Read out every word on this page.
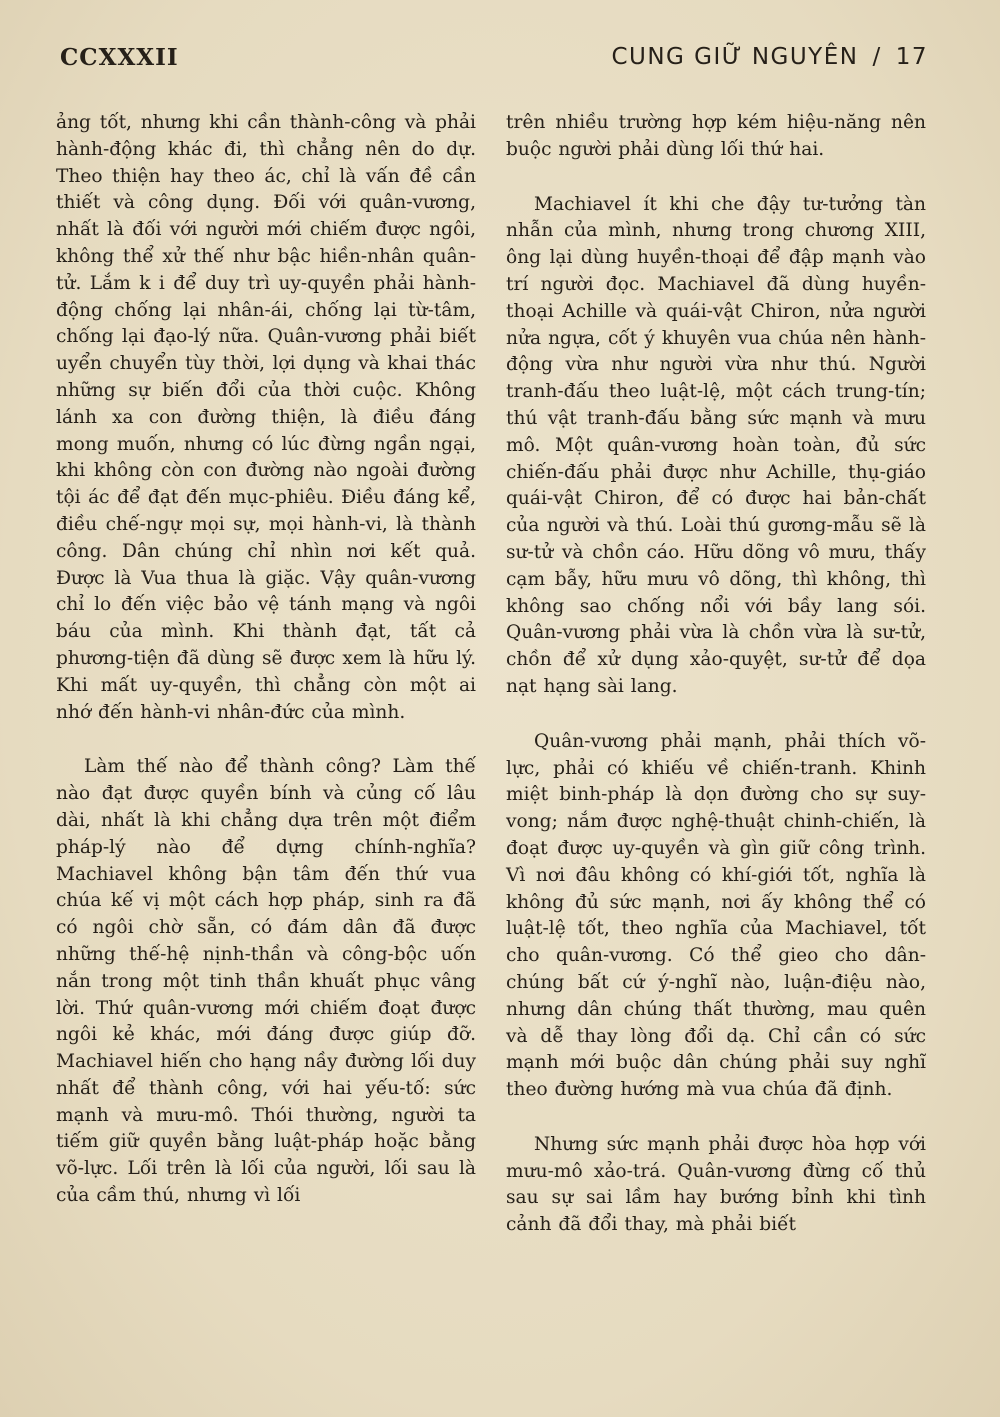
CCXXXII	CUNG GIỮ NGUYÊN / 17

ảng tốt, nhưng khi cần thành-công và phải hành-động khác đi, thì chẳng nên do dự. Theo thiện hay theo ác, chỉ là vấn đề cần thiết và công dụng. Đối với quân-vương, nhất là đối với người mới chiếm được ngôi, không thể xử thế như bậc hiền-nhân quân-tử. Lắm k i để duy trì uy-quyền phải hành-động chống lại nhân-ái, chống lại từ-tâm, chống lại đạo-lý nữa. Quân-vương phải biết uyển chuyển tùy thời, lợi dụng và khai thác những sự biến đổi của thời cuộc. Không lánh xa con đường thiện, là điều đáng mong muốn, nhưng có lúc đừng ngần ngại, khi không còn con đường nào ngoài đường tội ác để đạt đến mục-phiêu. Điều đáng kể, điều chế-ngự mọi sự, mọi hành-vi, là thành công. Dân chúng chỉ nhìn nơi kết quả. Được là Vua thua là giặc. Vậy quân-vương chỉ lo đến việc bảo vệ tánh mạng và ngôi báu của mình. Khi thành đạt, tất cả phương-tiện đã dùng sẽ được xem là hữu lý. Khi mất uy-quyền, thì chẳng còn một ai nhớ đến hành-vi nhân-đức của mình.

Làm thế nào để thành công? Làm thế nào đạt được quyền bính và củng cố lâu dài, nhất là khi chẳng dựa trên một điểm pháp-lý nào để dựng chính-nghĩa? Machiavel không bận tâm đến thứ vua chúa kế vị một cách hợp pháp, sinh ra đã có ngôi chờ sẵn, có đám dân đã được những thế-hệ nịnh-thần và công-bộc uốn nắn trong một tinh thần khuất phục vâng lời. Thứ quân-vương mới chiếm đoạt được ngôi kẻ khác, mới đáng được giúp đỡ. Machiavel hiến cho hạng nầy đường lối duy nhất để thành công, với hai yếu-tố: sức mạnh và mưu-mô. Thói thường, người ta tiếm giữ quyền bằng luật-pháp hoặc bằng võ-lực. Lối trên là lối của người, lối sau là của cầm thú, nhưng vì lối

trên nhiều trường hợp kém hiệu-năng nên buộc người phải dùng lối thứ hai.

Machiavel ít khi che đậy tư-tưởng tàn nhẫn của mình, nhưng trong chương XIII, ông lại dùng huyền-thoại để đập mạnh vào trí người đọc. Machiavel đã dùng huyền-thoại Achille và quái-vật Chiron, nửa người nửa ngựa, cốt ý khuyên vua chúa nên hành-động vừa như người vừa như thú. Người tranh-đấu theo luật-lệ, một cách trung-tín; thú vật tranh-đấu bằng sức mạnh và mưu mô. Một quân-vương hoàn toàn, đủ sức chiến-đấu phải được như Achille, thụ-giáo quái-vật Chiron, để có được hai bản-chất của người và thú. Loài thú gương-mẫu sẽ là sư-tử và chồn cáo. Hữu dõng vô mưu, thấy cạm bẫy, hữu mưu vô dõng, thì không, thì không sao chống nổi với bầy lang sói. Quân-vương phải vừa là chồn vừa là sư-tử, chồn để xử dụng xảo-quyệt, sư-tử để dọa nạt hạng sài lang.

Quân-vương phải mạnh, phải thích võ-lực, phải có khiếu về chiến-tranh. Khinh miệt binh-pháp là dọn đường cho sự suy-vong; nắm được nghệ-thuật chinh-chiến, là đoạt được uy-quyền và gìn giữ công trình. Vì nơi đâu không có khí-giới tốt, nghĩa là không đủ sức mạnh, nơi ấy không thể có luật-lệ tốt, theo nghĩa của Machiavel, tốt cho quân-vương. Có thể gieo cho dân-chúng bất cứ ý-nghĩ nào, luận-điệu nào, nhưng dân chúng thất thường, mau quên và dễ thay lòng đổi dạ. Chỉ cần có sức mạnh mới buộc dân chúng phải suy nghĩ theo đường hướng mà vua chúa đã định.

Nhưng sức mạnh phải được hòa hợp với mưu-mô xảo-trá. Quân-vương đừng cố thủ sau sự sai lầm hay bướng bỉnh khi tình cảnh đã đổi thay, mà phải biết
